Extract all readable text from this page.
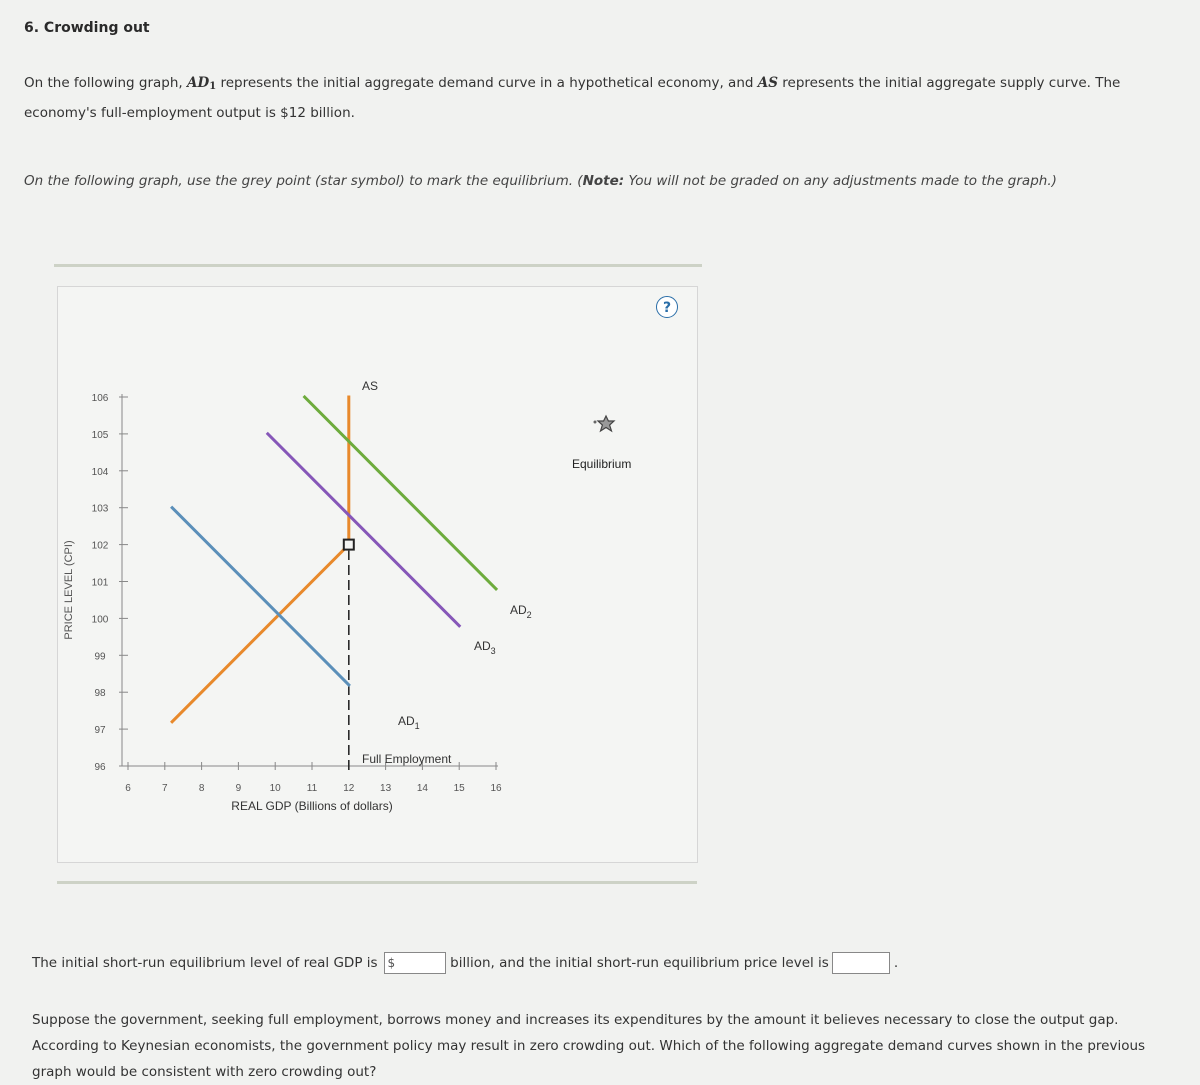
6. Crowding out
On the following graph, $AD_1$ represents the initial aggregate demand curve in a hypothetical economy, and AS represents the initial aggregate supply curve. The economy's full-employment output is $12 billion.
On the following graph, use the grey point (star symbol) to mark the equilibrium. (Note: You will not be graded on any adjustments made to the graph.)
?
96
97
98
99
100
101
102
103
104
105
106
6	7	8	9	10	11	12	13	14	15	16
PRICE LEVEL (CPI)
REAL GDP (Billions of dollars)
AS
Full Employment
$AD_1$
$AD_2$
$AD_3$
Equilibrium
The initial short-run equilibrium level of real GDP is $	billion, and the initial short-run equilibrium price level is	.
Suppose the government, seeking full employment, borrows money and increases its expenditures by the amount it believes necessary to close the output gap. According to Keynesian economists, the government policy may result in zero crowding out. Which of the following aggregate demand curves shown in the previous graph would be consistent with zero crowding out?
